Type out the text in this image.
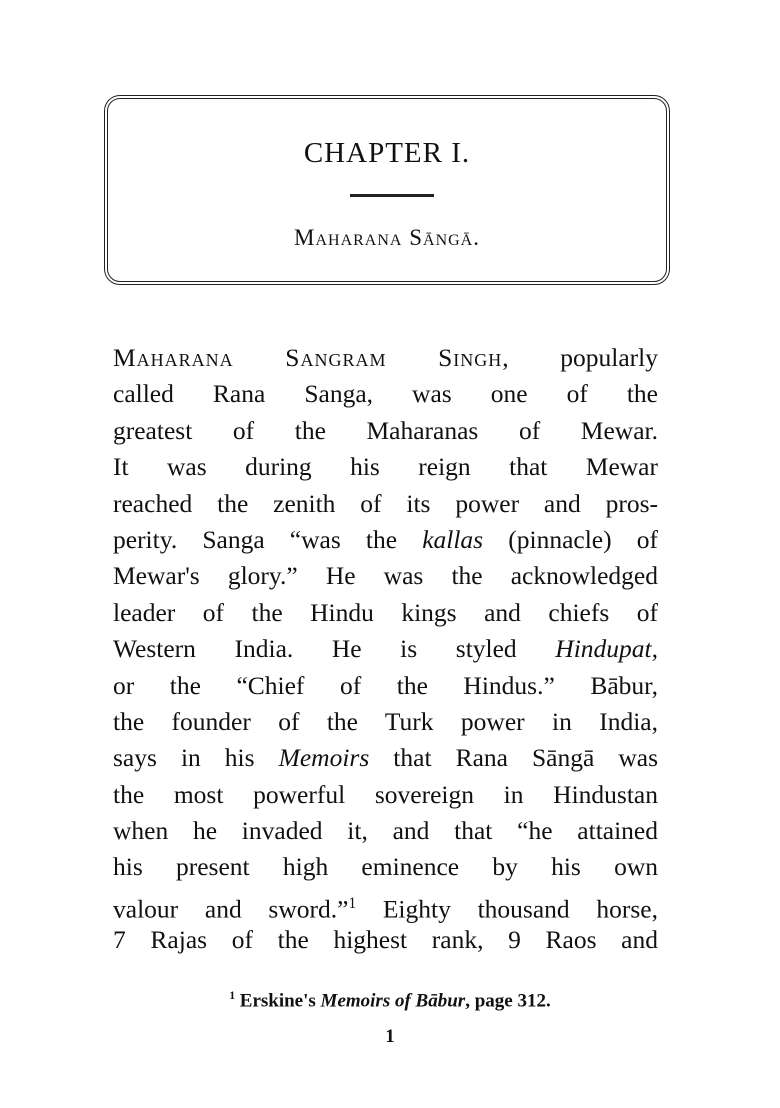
CHAPTER I.
Maharana Sāngā.
Maharana Sangram Singh, popularly
called Rana Sanga, was one of the
greatest of the Maharanas of Mewar.
It was during his reign that Mewar
reached the zenith of its power and pros-
perity. Sanga “was the kallas (pinnacle) of
Mewar's glory.” He was the acknowledged
leader of the Hindu kings and chiefs of
Western India. He is styled Hindupat,
or the “Chief of the Hindus.” Bābur,
the founder of the Turk power in India,
says in his Memoirs that Rana Sāngā was
the most powerful sovereign in Hindustan
when he invaded it, and that “he attained
his present high eminence by his own
valour and sword.”$^1$ Eighty thousand horse,
7 Rajas of the highest rank, 9 Raos and
$^1$ Erskine's Memoirs of Bābur, page 312.
1
